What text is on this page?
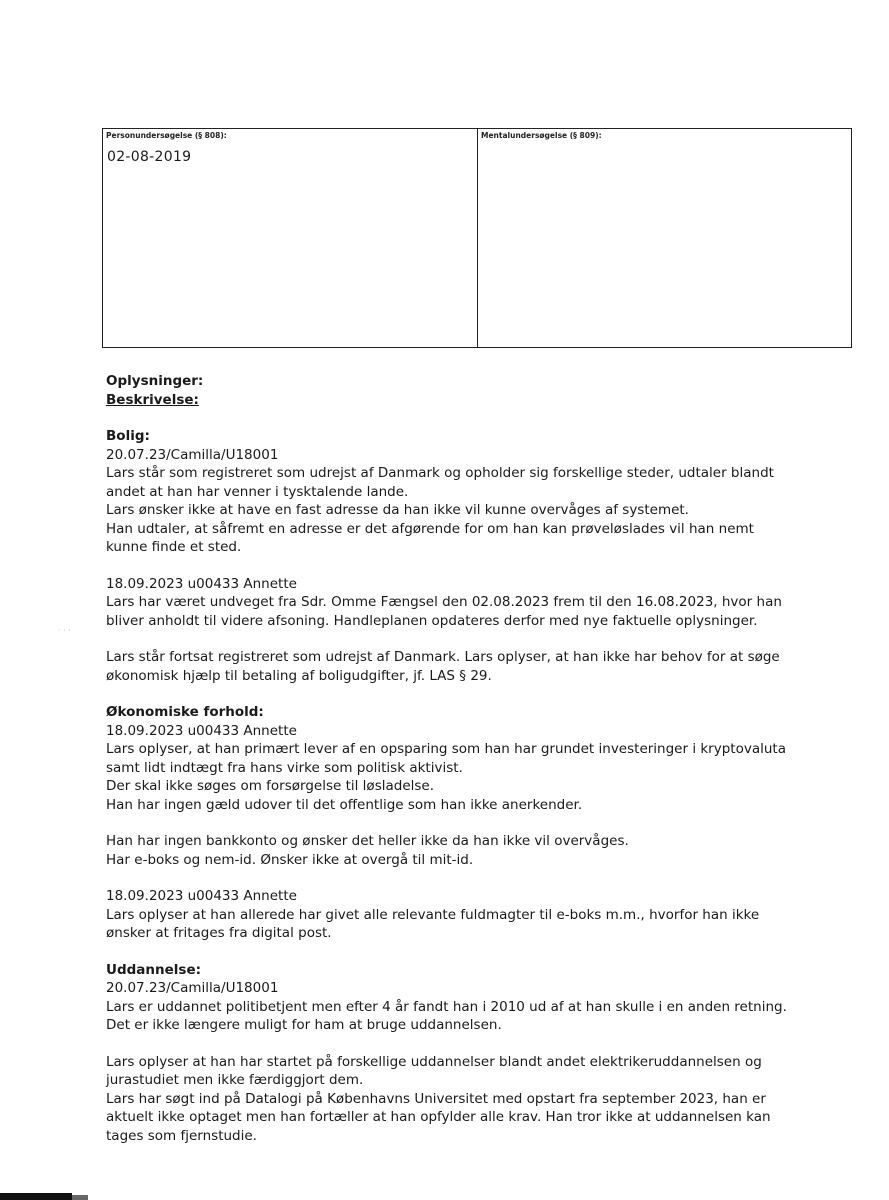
Personundersøgelse (§ 808):
02-08-2019
Mentalundersøgelse (§ 809):
· · ·
Oplysninger:
Beskrivelse:
Bolig:
20.07.23/Camilla/U18001
Lars står som registreret som udrejst af Danmark og opholder sig forskellige steder, udtaler blandt andet at han har venner i tysktalende lande.
Lars ønsker ikke at have en fast adresse da han ikke vil kunne overvåges af systemet.
Han udtaler, at såfremt en adresse er det afgørende for om han kan prøveløslades vil han nemt kunne finde et sted.
18.09.2023 u00433 Annette
Lars har været undveget fra Sdr. Omme Fængsel den 02.08.2023 frem til den 16.08.2023, hvor han bliver anholdt til videre afsoning. Handleplanen opdateres derfor med nye faktuelle oplysninger.
Lars står fortsat registreret som udrejst af Danmark. Lars oplyser, at han ikke har behov for at søge økonomisk hjælp til betaling af boligudgifter, jf. LAS § 29.
Økonomiske forhold:
18.09.2023 u00433 Annette
Lars oplyser, at han primært lever af en opsparing som han har grundet investeringer i kryptovaluta samt lidt indtægt fra hans virke som politisk aktivist.
Der skal ikke søges om forsørgelse til løsladelse.
Han har ingen gæld udover til det offentlige som han ikke anerkender.
Han har ingen bankkonto og ønsker det heller ikke da han ikke vil overvåges.
Har e-boks og nem-id. Ønsker ikke at overgå til mit-id.
18.09.2023 u00433 Annette
Lars oplyser at han allerede har givet alle relevante fuldmagter til e-boks m.m., hvorfor han ikke ønsker at fritages fra digital post.
Uddannelse:
20.07.23/Camilla/U18001
Lars er uddannet politibetjent men efter 4 år fandt han i 2010 ud af at han skulle i en anden retning. Det er ikke længere muligt for ham at bruge uddannelsen.
Lars oplyser at han har startet på forskellige uddannelser blandt andet elektrikeruddannelsen og jurastudiet men ikke færdiggjort dem.
Lars har søgt ind på Datalogi på Københavns Universitet med opstart fra september 2023, han er aktuelt ikke optaget men han fortæller at han opfylder alle krav. Han tror ikke at uddannelsen kan tages som fjernstudie.
